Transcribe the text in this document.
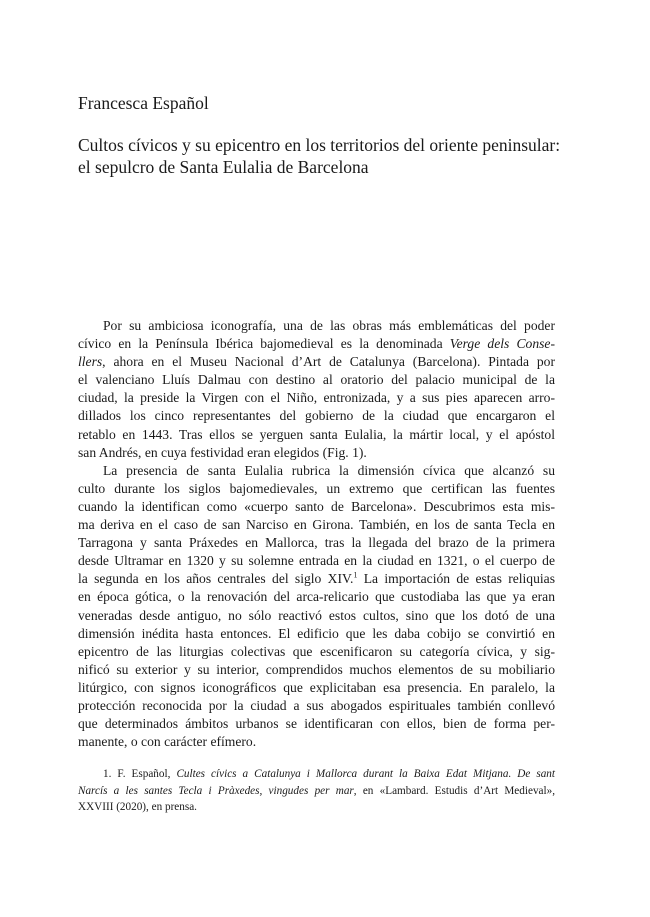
Francesca Español
Cultos cívicos y su epicentro en los territorios del oriente peninsular:
el sepulcro de Santa Eulalia de Barcelona
Por su ambiciosa iconografía, una de las obras más emblemáticas del poder
cívico en la Península Ibérica bajomedieval es la denominada Verge dels Conse-
llers, ahora en el Museu Nacional d’Art de Catalunya (Barcelona). Pintada por
el valenciano Lluís Dalmau con destino al oratorio del palacio municipal de la
ciudad, la preside la Virgen con el Niño, entronizada, y a sus pies aparecen arro-
dillados los cinco representantes del gobierno de la ciudad que encargaron el
retablo en 1443. Tras ellos se yerguen santa Eulalia, la mártir local, y el apóstol
san Andrés, en cuya festividad eran elegidos (Fig. 1).
La presencia de santa Eulalia rubrica la dimensión cívica que alcanzó su
culto durante los siglos bajomedievales, un extremo que certifican las fuentes
cuando la identifican como «cuerpo santo de Barcelona». Descubrimos esta mis-
ma deriva en el caso de san Narciso en Girona. También, en los de santa Tecla en
Tarragona y santa Práxedes en Mallorca, tras la llegada del brazo de la primera
desde Ultramar en 1320 y su solemne entrada en la ciudad en 1321, o el cuerpo de
la segunda en los años centrales del siglo XIV.$^1$ La importación de estas reliquias
en época gótica, o la renovación del arca-relicario que custodiaba las que ya eran
veneradas desde antiguo, no sólo reactivó estos cultos, sino que los dotó de una
dimensión inédita hasta entonces. El edificio que les daba cobijo se convirtió en
epicentro de las liturgias colectivas que escenificaron su categoría cívica, y sig-
nificó su exterior y su interior, comprendidos muchos elementos de su mobiliario
litúrgico, con signos iconográficos que explicitaban esa presencia. En paralelo, la
protección reconocida por la ciudad a sus abogados espirituales también conllevó
que determinados ámbitos urbanos se identificaran con ellos, bien de forma per-
manente, o con carácter efímero.
1. F. Español, Cultes cívics a Catalunya i Mallorca durant la Baixa Edat Mitjana. De sant
Narcís a les santes Tecla i Pràxedes, vingudes per mar, en «Lambard. Estudis d’Art Medieval»,
XXVIII (2020), en prensa.
